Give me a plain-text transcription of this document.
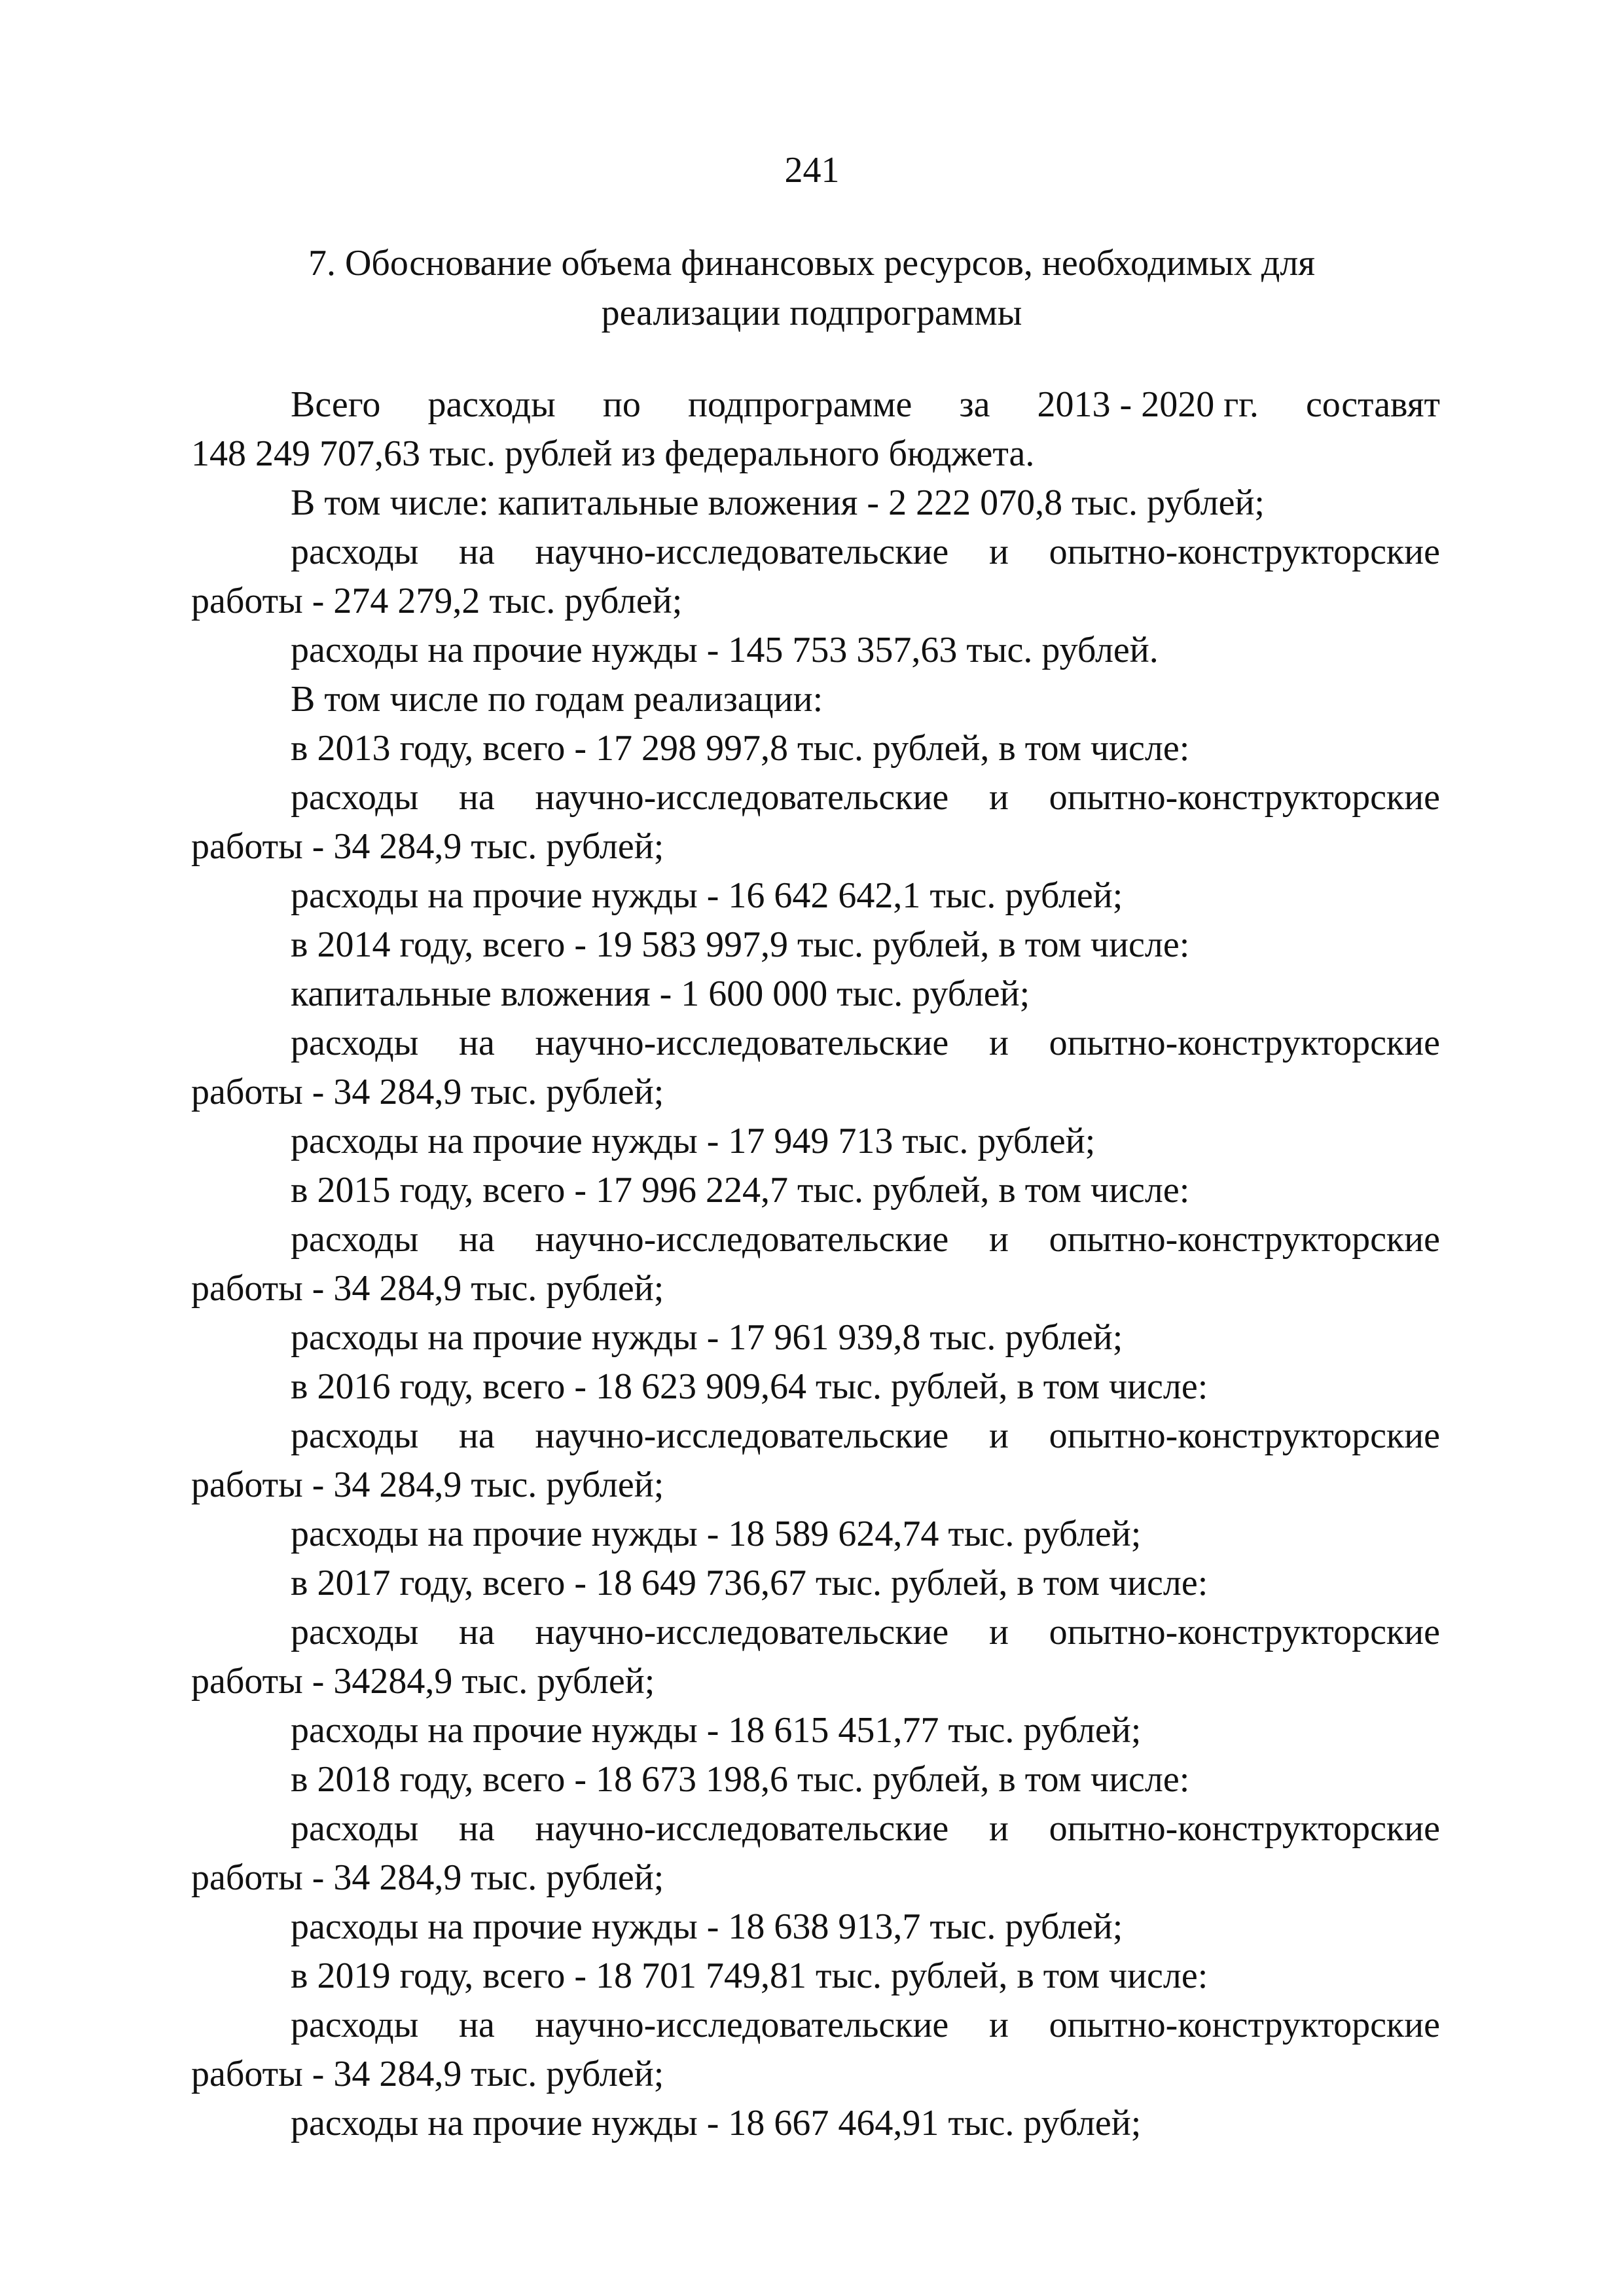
241
7. Обоснование объема финансовых ресурсов, необходимых для
реализации подпрограммы
Всего расходы по подпрограмме за 2013 - 2020 гг. составят
148 249 707,63 тыс. рублей из федерального бюджета.
В том числе: капитальные вложения - 2 222 070,8 тыс. рублей;
расходы на научно-исследовательские и опытно-конструкторские
работы - 274 279,2 тыс. рублей;
расходы на прочие нужды - 145 753 357,63 тыс. рублей.
В том числе по годам реализации:
в 2013 году, всего - 17 298 997,8 тыс. рублей, в том числе:
расходы на научно-исследовательские и опытно-конструкторские
работы - 34 284,9 тыс. рублей;
расходы на прочие нужды - 16 642 642,1 тыс. рублей;
в 2014 году, всего - 19 583 997,9 тыс. рублей, в том числе:
капитальные вложения - 1 600 000 тыс. рублей;
расходы на научно-исследовательские и опытно-конструкторские
работы - 34 284,9 тыс. рублей;
расходы на прочие нужды - 17 949 713 тыс. рублей;
в 2015 году, всего - 17 996 224,7 тыс. рублей, в том числе:
расходы на научно-исследовательские и опытно-конструкторские
работы - 34 284,9 тыс. рублей;
расходы на прочие нужды - 17 961 939,8 тыс. рублей;
в 2016 году, всего - 18 623 909,64 тыс. рублей, в том числе:
расходы на научно-исследовательские и опытно-конструкторские
работы - 34 284,9 тыс. рублей;
расходы на прочие нужды - 18 589 624,74 тыс. рублей;
в 2017 году, всего - 18 649 736,67 тыс. рублей, в том числе:
расходы на научно-исследовательские и опытно-конструкторские
работы - 34284,9 тыс. рублей;
расходы на прочие нужды - 18 615 451,77 тыс. рублей;
в 2018 году, всего - 18 673 198,6 тыс. рублей, в том числе:
расходы на научно-исследовательские и опытно-конструкторские
работы - 34 284,9 тыс. рублей;
расходы на прочие нужды - 18 638 913,7 тыс. рублей;
в 2019 году, всего - 18 701 749,81 тыс. рублей, в том числе:
расходы на научно-исследовательские и опытно-конструкторские
работы - 34 284,9 тыс. рублей;
расходы на прочие нужды - 18 667 464,91 тыс. рублей;
